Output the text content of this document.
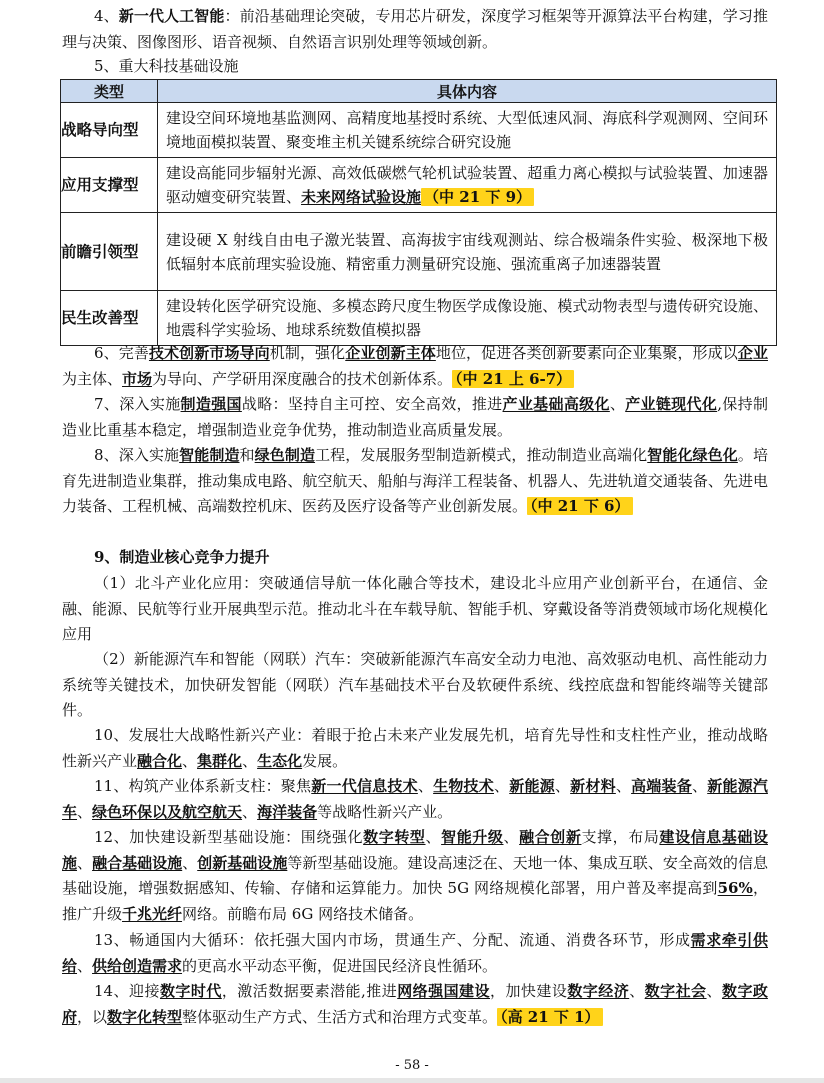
4、新一代人工智能：前沿基础理论突破，专用芯片研发，深度学习框架等开源算法平台构建，学习推理与决策、图像图形、语音视频、自然语言识别处理等领域创新。

5、重大科技基础设施

类型	具体内容
战略导向型	建设空间环境地基监测网、高精度地基授时系统、大型低速风洞、海底科学观测网、空间环境地面模拟装置、聚变堆主机关键系统综合研究设施
应用支撑型	建设高能同步辐射光源、高效低碳燃气轮机试验装置、超重力离心模拟与试验装置、加速器驱动嬗变研究装置、未来网络试验设施 （中 21 下 9）
前瞻引领型	建设硬 X 射线自由电子激光装置、高海拔宇宙线观测站、综合极端条件实验、极深地下极低辐射本底前理实验设施、精密重力测量研究设施、强流重离子加速器装置
民生改善型	建设转化医学研究设施、多模态跨尺度生物医学成像设施、模式动物表型与遗传研究设施、地震科学实验场、地球系统数值模拟器

6、完善技术创新市场导向机制，强化企业创新主体地位，促进各类创新要素向企业集聚，形成以企业为主体、市场为导向、产学研用深度融合的技术创新体系。 （中 21 上 6-7）

7、深入实施制造强国战略：坚持自主可控、安全高效，推进产业基础高级化、产业链现代化,保持制造业比重基本稳定，增强制造业竞争优势，推动制造业高质量发展。

8、深入实施智能制造和绿色制造工程，发展服务型制造新模式，推动制造业高端化智能化绿色化。培育先进制造业集群，推动集成电路、航空航天、船舶与海洋工程装备、机器人、先进轨道交通装备、先进电力装备、工程机械、高端数控机床、医药及医疗设备等产业创新发展。 （中 21 下 6）

9、制造业核心竞争力提升

（1）北斗产业化应用：突破通信导航一体化融合等技术，建设北斗应用产业创新平台，在通信、金融、能源、民航等行业开展典型示范。推动北斗在车载导航、智能手机、穿戴设备等消费领域市场化规模化应用

（2）新能源汽车和智能（网联）汽车：突破新能源汽车高安全动力电池、高效驱动电机、高性能动力系统等关键技术，加快研发智能（网联）汽车基础技术平台及软硬件系统、线控底盘和智能终端等关键部件。

10、发展壮大战略性新兴产业：着眼于抢占未来产业发展先机，培育先导性和支柱性产业，推动战略性新兴产业融合化、集群化、生态化发展。

11、构筑产业体系新支柱：聚焦新一代信息技术、生物技术、新能源、新材料、高端装备、新能源汽车、绿色环保以及航空航天、海洋装备等战略性新兴产业。

12、加快建设新型基础设施：围绕强化数字转型、智能升级、融合创新支撑，布局建设信息基础设施、融合基础设施、创新基础设施等新型基础设施。建设高速泛在、天地一体、集成互联、安全高效的信息基础设施，增强数据感知、传输、存储和运算能力。加快 5G 网络规模化部署，用户普及率提高到56%，推广升级千兆光纤网络。前瞻布局 6G 网络技术储备。

13、畅通国内大循环：依托强大国内市场，贯通生产、分配、流通、消费各环节，形成需求牵引供给、供给创造需求的更高水平动态平衡，促进国民经济良性循环。

14、迎接数字时代，激活数据要素潜能,推进网络强国建设，加快建设数字经济、数字社会、数字政府，以数字化转型整体驱动生产方式、生活方式和治理方式变革。 （高 21 下 1）

- 58 -
